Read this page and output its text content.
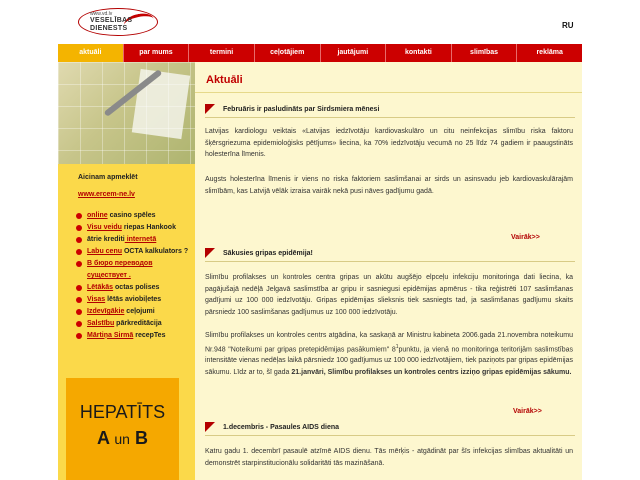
www.vd.lv
VESELĪBAS
DIENESTS	RU
aktuāli	par mums	termini	ceļotājiem	jautājumi	kontakti	slimības	reklāma
Aicinam apmeklēt
www.ercem-ne.lv
online casino spēles
Visu veidu riepas Hankook
ātrie krediti internetā
Labu cenu OCTA kalkulators ?
В бюро переводов существует .
Lētākās octas polises
Visas lētās aviobiļetes
Izdevīgākie ceļojumi
Salstību pārkreditācija
Mārtiņa Sirmā recepTes
HEPATĪTS
A un B
Aktuāli
Februāris ir pasludināts par Sirdsmiera mēnesi

Latvijas kardiologu veiktais «Latvijas iedzīvotāju kardiovaskulāro un citu neinfekcijas slimību riska faktoru šķērsgriezuma epidemioloģisks pētījums» liecina, ka 70% iedzīvotāju vecumā no 25 līdz 74 gadiem ir paaugstināts holesterīna līmenis.

Augsts holesterīna līmenis ir viens no riska faktoriem saslimšanai ar sirds un asinsvadu jeb kardiovaskulārajām slimībām, kas Latvijā vēlāk izraisa vairāk nekā pusi nāves gadījumu gadā.

Vairāk>>
Sākusies gripas epidēmija!

Slimību profilakses un kontroles centra gripas un akūtu augšējo elpceļu infekciju monitoringa dati liecina, ka pagājušajā nedēļā Jelgavā saslimstība ar gripu ir sasniegusi epidēmijas apmērus - tika reģistrēti 107 saslimšanas gadījumi uz 100 000 iedzīvotāju. Gripas epidēmijas slieksnis tiek sasniegts tad, ja saslimšanas gadījumu skaits pārsniedz 100 saslimšanas gadījumus uz 100 000 iedzīvotāju.

Slimību profilakses un kontroles centrs atgādina, ka saskaņā ar Ministru kabineta 2006.gada 21.novembra noteikumu Nr.948 "Noteikumi par gripas pretepidēmijas pasākumiem" $8^1punktu$, ja vienā no monitoringa teritorijām saslimstības intensitāte vienas nedēļas laikā pārsniedz 100 gadījumus uz 100 000 iedzīvotājiem, tiek paziņots par gripas epidēmijas sākumu. Līdz ar to, šī gada 21.janvāri, Slimību profilakses un kontroles centrs izziņo gripas epidēmijas sākumu.

Vairāk>>
1.decembris - Pasaules AIDS diena

Katru gadu 1. decembrī pasaulē atzīmē AIDS dienu. Tās mērķis - atgādināt par šīs infekcijas slimības aktualitāti un demonstrēt starpinstitucionālu solidaritāti tās mazināšanā.
